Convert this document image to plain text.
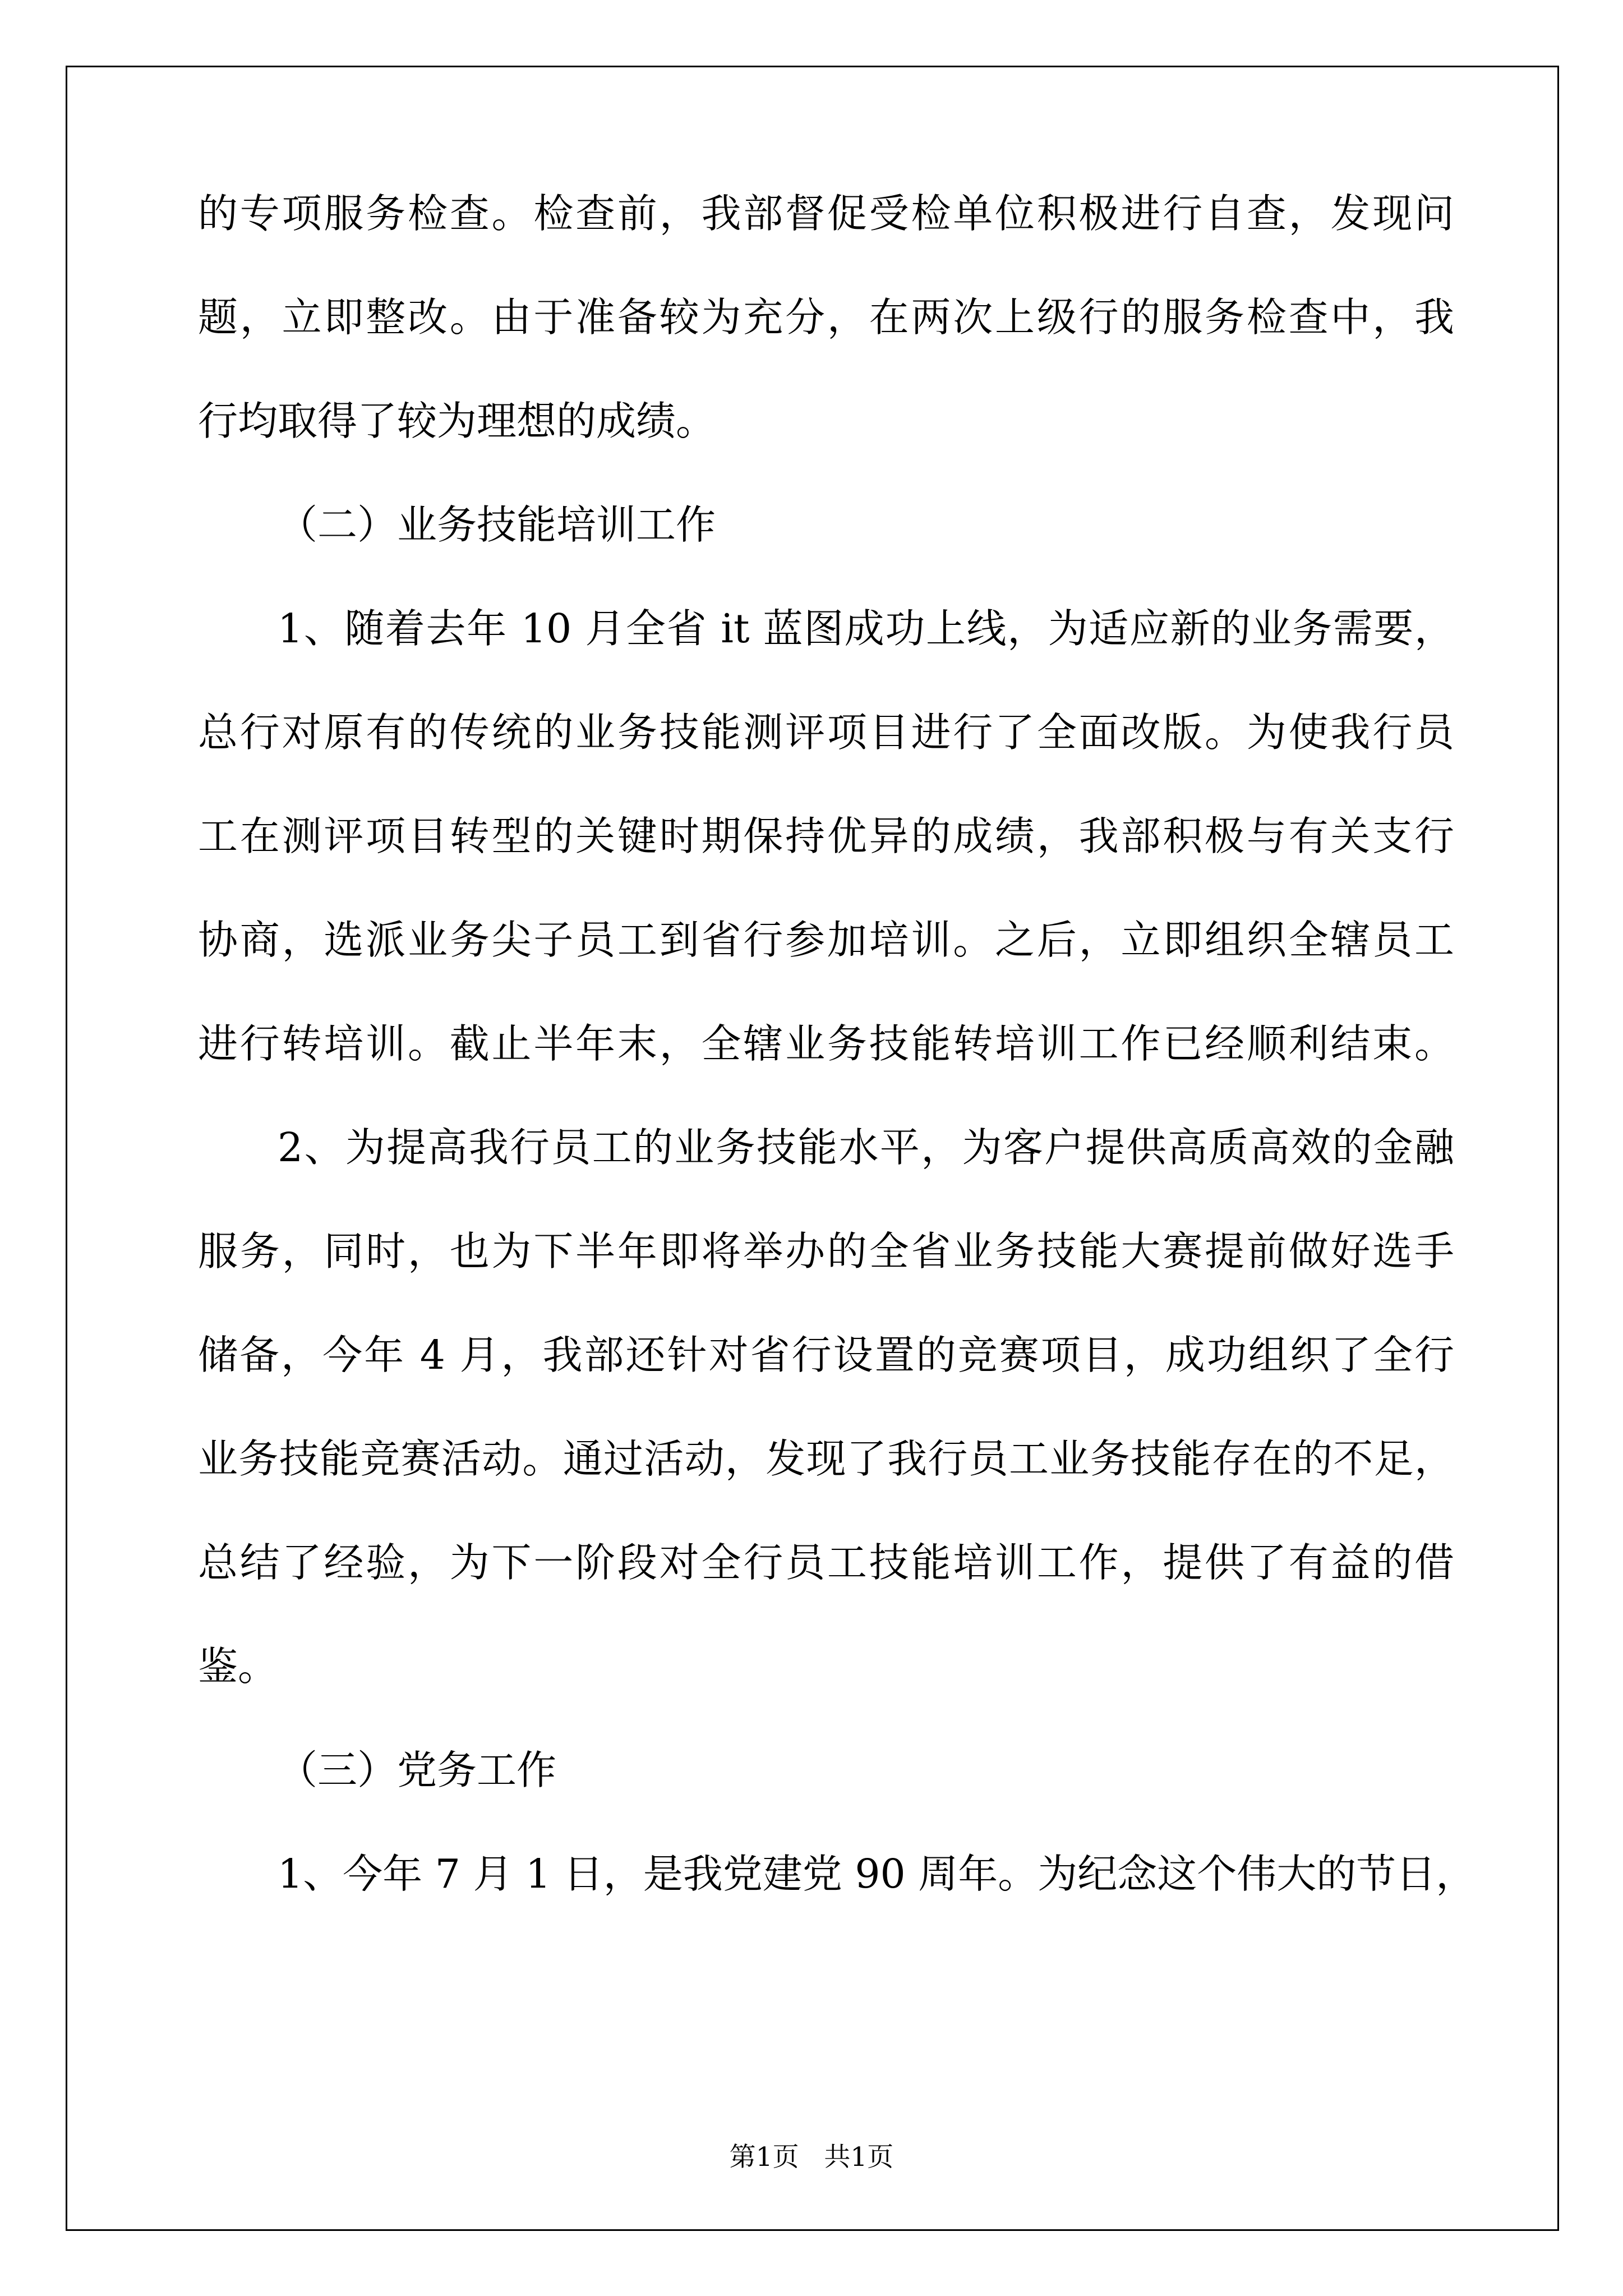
的专项服务检查。检查前，我部督促受检单位积极进行自查，发现问
题，立即整改。由于准备较为充分，在两次上级行的服务检查中，我
行均取得了较为理想的成绩。
（二）业务技能培训工作
1、随着去年 10 月全省 it 蓝图成功上线，为适应新的业务需要，
总行对原有的传统的业务技能测评项目进行了全面改版。为使我行员
工在测评项目转型的关键时期保持优异的成绩，我部积极与有关支行
协商，选派业务尖子员工到省行参加培训。之后，立即组织全辖员工
进行转培训。截止半年末，全辖业务技能转培训工作已经顺利结束。
2、为提高我行员工的业务技能水平，为客户提供高质高效的金融
服务，同时，也为下半年即将举办的全省业务技能大赛提前做好选手
储备，今年 4 月，我部还针对省行设置的竞赛项目，成功组织了全行
业务技能竞赛活动。通过活动，发现了我行员工业务技能存在的不足，
总结了经验，为下一阶段对全行员工技能培训工作，提供了有益的借
鉴。
（三）党务工作
1、今年 7 月 1 日，是我党建党 90 周年。为纪念这个伟大的节日，
第1页   共1页
